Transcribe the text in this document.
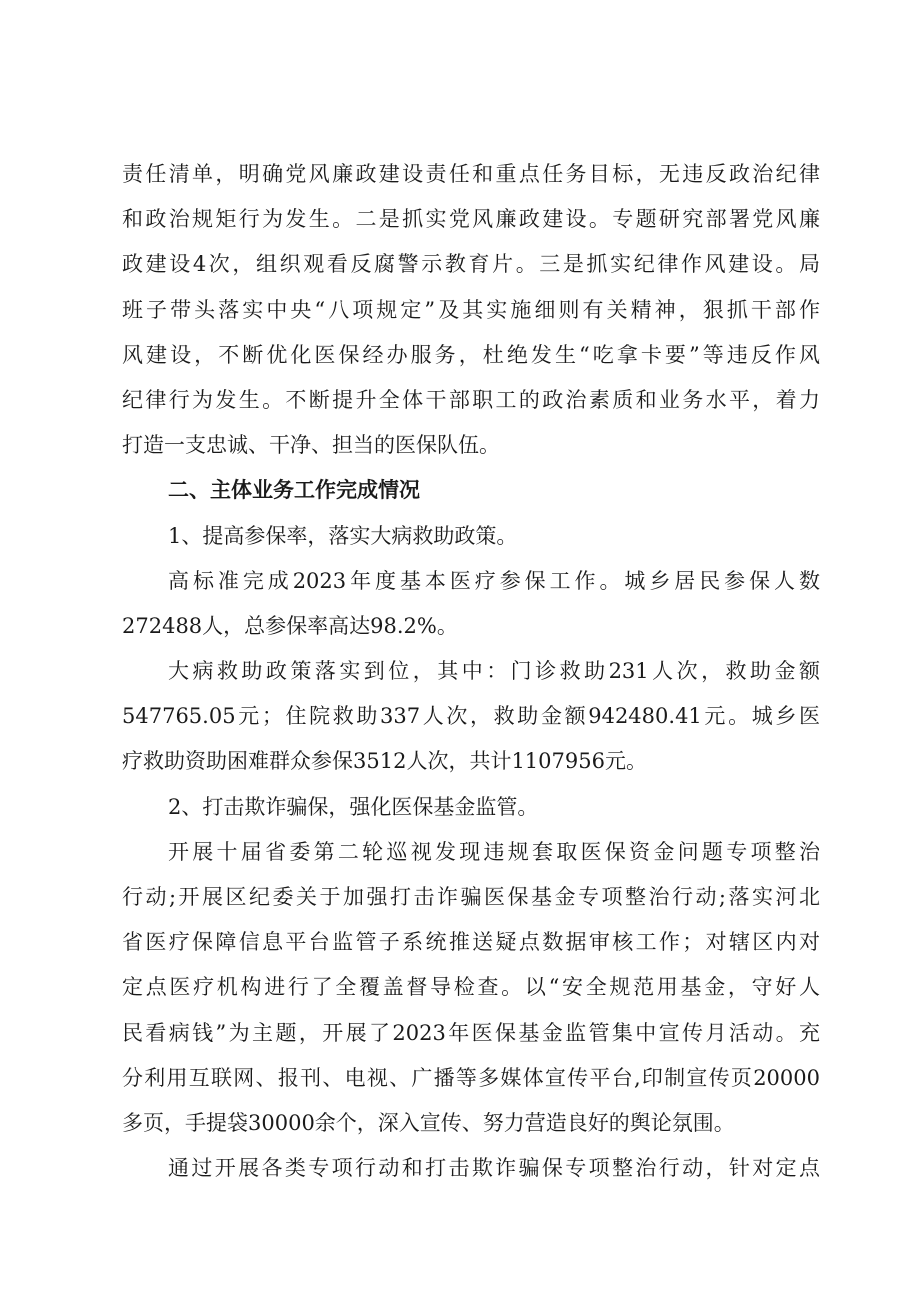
责任清单，明确党风廉政建设责任和重点任务目标，无违反政治纪律

和政治规矩行为发生。二是抓实党风廉政建设。专题研究部署党风廉

政建设4次，组织观看反腐警示教育片。三是抓实纪律作风建设。局

班子带头落实中央“八项规定”及其实施细则有关精神，狠抓干部作

风建设，不断优化医保经办服务，杜绝发生“吃拿卡要”等违反作风

纪律行为发生。不断提升全体干部职工的政治素质和业务水平，着力

打造一支忠诚、干净、担当的医保队伍。

二、主体业务工作完成情况

1、提高参保率，落实大病救助政策。

高标准完成2023年度基本医疗参保工作。城乡居民参保人数

272488人，总参保率高达98.2%。

大病救助政策落实到位，其中：门诊救助231人次，救助金额

547765.05元；住院救助337人次，救助金额942480.41元。城乡医

疗救助资助困难群众参保3512人次，共计1107956元。

2、打击欺诈骗保，强化医保基金监管。

开展十届省委第二轮巡视发现违规套取医保资金问题专项整治

行动;开展区纪委关于加强打击诈骗医保基金专项整治行动;落实河北

省医疗保障信息平台监管子系统推送疑点数据审核工作；对辖区内对

定点医疗机构进行了全覆盖督导检查。以“安全规范用基金，守好人

民看病钱”为主题，开展了2023年医保基金监管集中宣传月活动。充

分利用互联网、报刊、电视、广播等多媒体宣传平台,印制宣传页20000

多页，手提袋30000余个，深入宣传、努力营造良好的舆论氛围。

通过开展各类专项行动和打击欺诈骗保专项整治行动，针对定点
